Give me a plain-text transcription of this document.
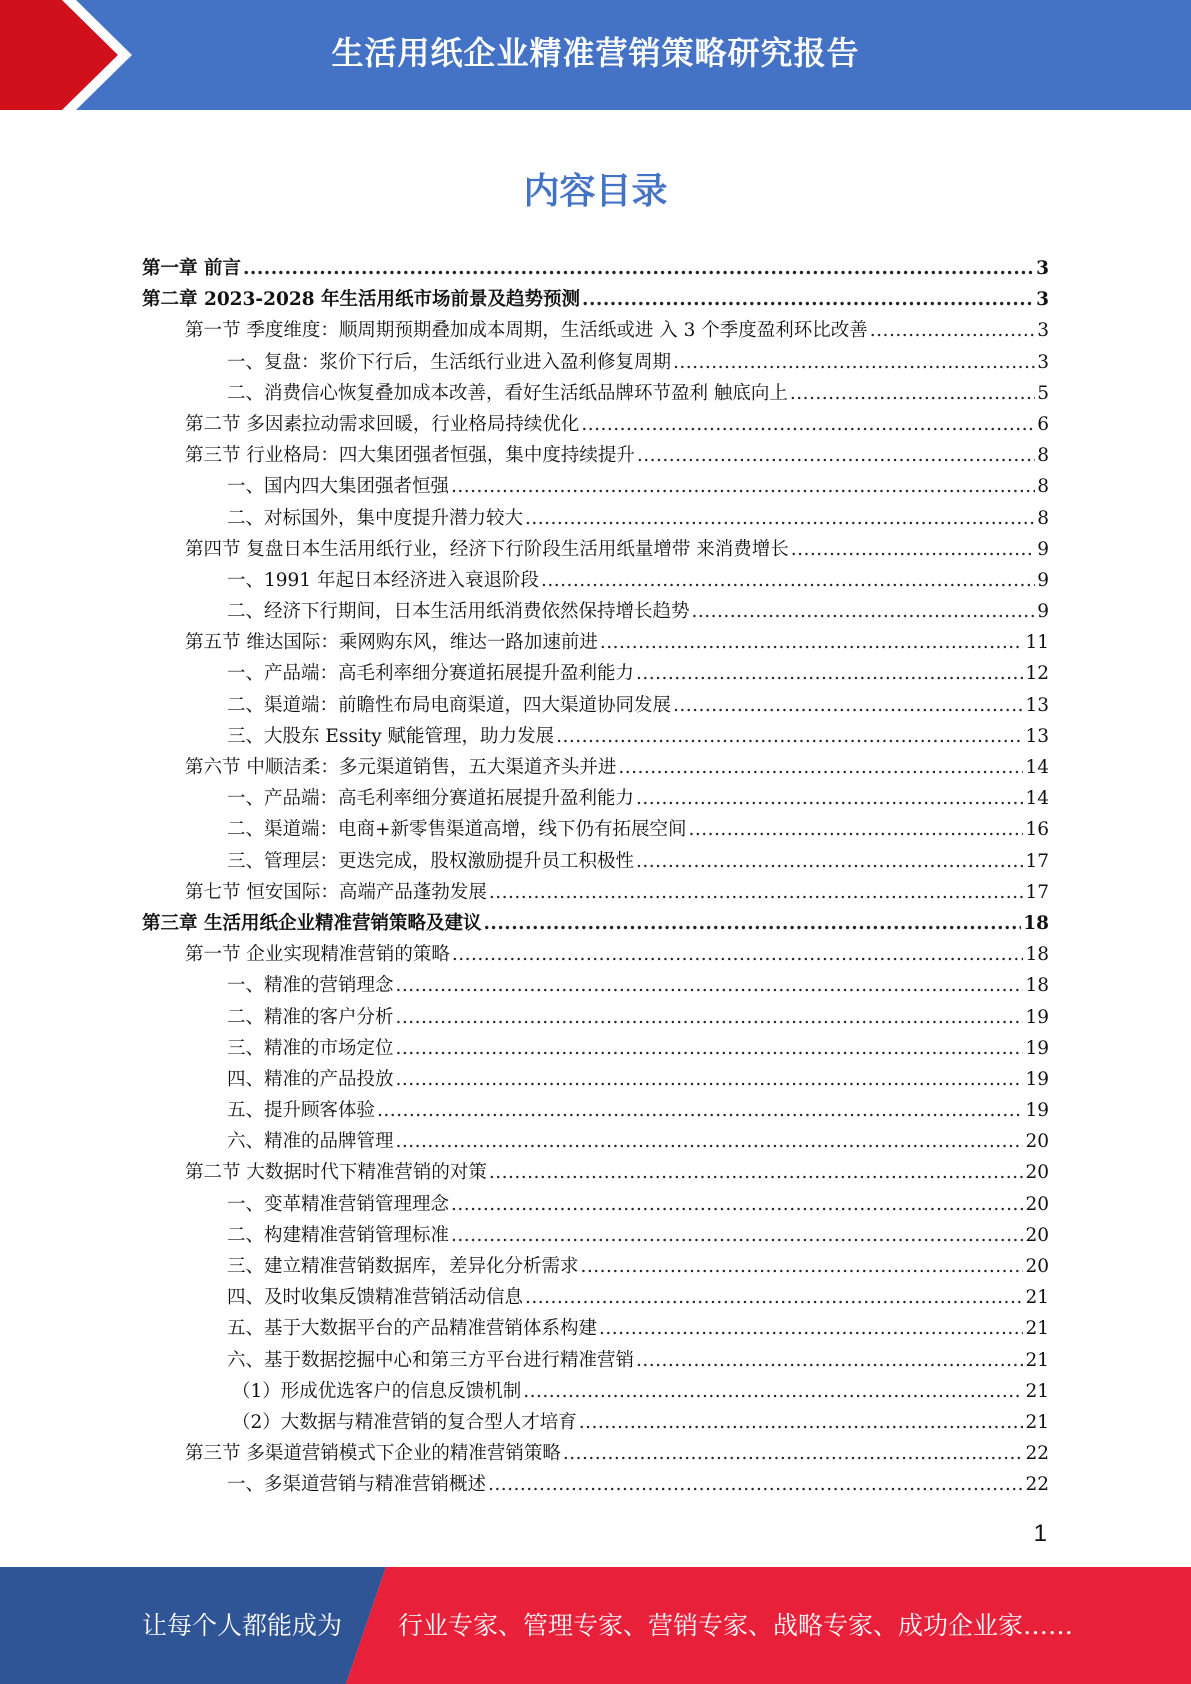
生活用纸企业精准营销策略研究报告
内容目录
第一章 前言 .....	3
第二章 2023-2028 年生活用纸市场前景及趋势预测 .....	3
第一节 季度维度：顺周期预期叠加成本周期，生活纸或进 入 3 个季度盈利环比改善 .....	3
一、复盘：浆价下行后，生活纸行业进入盈利修复周期 .....	3
二、消费信心恢复叠加成本改善，看好生活纸品牌环节盈利 触底向上 .....	5
第二节 多因素拉动需求回暖，行业格局持续优化 .....	6
第三节 行业格局：四大集团强者恒强，集中度持续提升 .....	8
一、国内四大集团强者恒强 .....	8
二、对标国外，集中度提升潜力较大 .....	8
第四节 复盘日本生活用纸行业，经济下行阶段生活用纸量增带 来消费增长 .....	9
一、1991 年起日本经济进入衰退阶段 .....	9
二、经济下行期间，日本生活用纸消费依然保持增长趋势 .....	9
第五节 维达国际：乘网购东风，维达一路加速前进 .....	11
一、产品端：高毛利率细分赛道拓展提升盈利能力 .....	12
二、渠道端：前瞻性布局电商渠道，四大渠道协同发展 .....	13
三、大股东 Essity 赋能管理，助力发展 .....	13
第六节 中顺洁柔：多元渠道销售，五大渠道齐头并进 .....	14
一、产品端：高毛利率细分赛道拓展提升盈利能力 .....	14
二、渠道端：电商+新零售渠道高增，线下仍有拓展空间 .....	16
三、管理层：更迭完成，股权激励提升员工积极性 .....	17
第七节 恒安国际：高端产品蓬勃发展 .....	17
第三章 生活用纸企业精准营销策略及建议 .....	18
第一节 企业实现精准营销的策略 .....	18
一、精准的营销理念 .....	18
二、精准的客户分析 .....	19
三、精准的市场定位 .....	19
四、精准的产品投放 .....	19
五、提升顾客体验 .....	19
六、精准的品牌管理 .....	20
第二节 大数据时代下精准营销的对策 .....	20
一、变革精准营销管理理念 .....	20
二、构建精准营销管理标准 .....	20
三、建立精准营销数据库，差异化分析需求 .....	20
四、及时收集反馈精准营销活动信息 .....	21
五、基于大数据平台的产品精准营销体系构建 .....	21
六、基于数据挖掘中心和第三方平台进行精准营销 .....	21
（1）形成优选客户的信息反馈机制 .....	21
（2）大数据与精准营销的复合型人才培育 .....	21
第三节 多渠道营销模式下企业的精准营销策略 .....	22
一、多渠道营销与精准营销概述 .....	22
1
让每个人都能成为 行业专家、管理专家、营销专家、战略专家、成功企业家……
